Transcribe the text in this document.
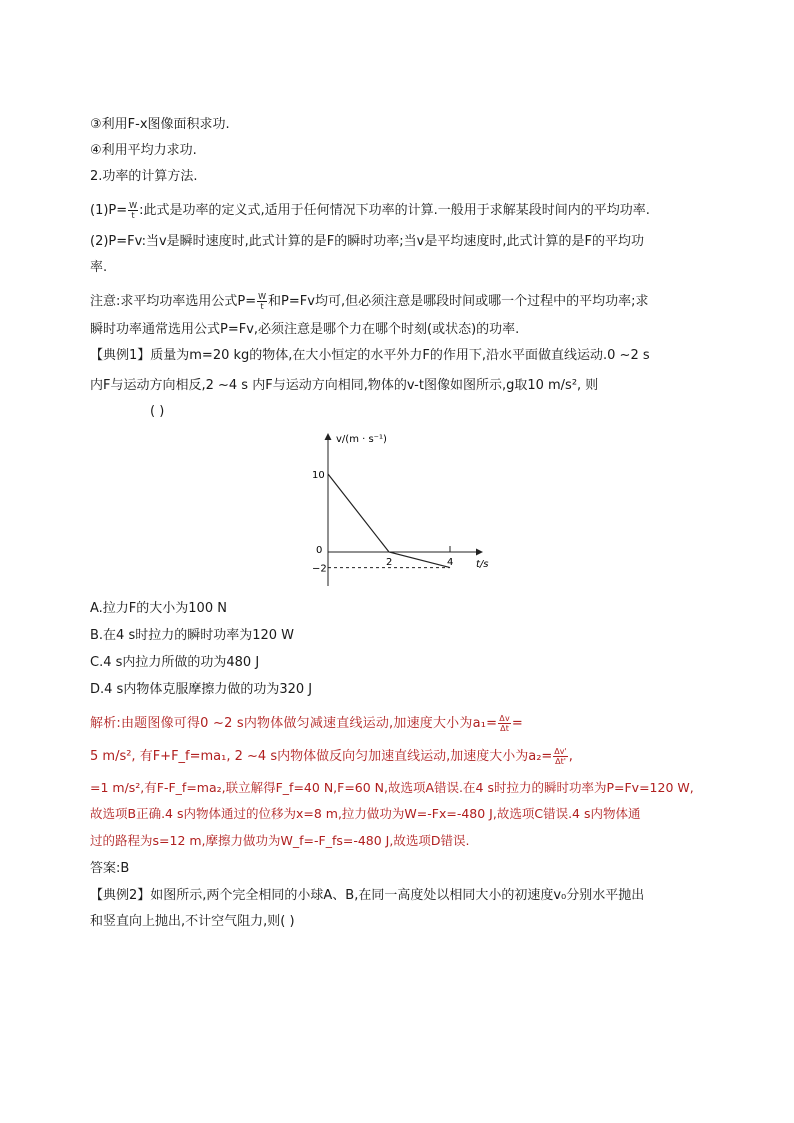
③利用F-x图像面积求功.
④利用平均力求功.
2.功率的计算方法.
$(1)P= \frac{W}{t}$ :此式是功率的定义式,适用于任何情况下功率的计算.一般用于求解某段时间内的平均功率.
(2)P=Fv:当v是瞬时速度时,此式计算的是F的瞬时功率;当v是平均速度时,此式计算的是F的平均功
率.
注意:求平均功率选用公式$P= \frac{W}{t}$ 和P=Fv均可,但必须注意是哪段时间或哪一个过程中的平均功率;求
瞬时功率通常选用公式P=Fv,必须注意是哪个力在哪个时刻(或状态)的功率.
【典例1】质量为m=20 kg的物体,在大小恒定的水平外力F的作用下,沿水平面做直线运动.0 ~2 s
内F与运动方向相反,2 ~4 s 内F与运动方向相同,物体的v-t图像如图所示,g取10 m/s², 则
( )
v/(m · s⁻¹)
t/s
10
0
−2
2	4
A.拉力F的大小为100 N
B.在4 s时拉力的瞬时功率为120 W
C.4 s内拉力所做的功为480 J
D.4 s内物体克服摩擦力做的功为320 J
解析:由题图像可得0 ~2 s内物体做匀减速直线运动,加速度大小为$a_1= \frac{\Delta v}{\Delta t}$ =
5 m/s², 有F+F_f=ma₁, 2 ~4 s内物体做反向匀加速直线运动,加速度大小为$a_2= \frac{\Delta v'}{\Delta t'}$ ,
=1 m/s²,有F-F_f=ma₂,联立解得F_f=40 N,F=60 N,故选项A错误.在4 s时拉力的瞬时功率为P=Fv=120 W,
故选项B正确.4 s内物体通过的位移为x=8 m,拉力做功为W=-Fx=-480 J,故选项C错误.4 s内物体通
过的路程为s=12 m,摩擦力做功为W_f=-F_fs=-480 J,故选项D错误.
答案:B
【典例2】如图所示,两个完全相同的小球A、B,在同一高度处以相同大小的初速度v₀分别水平抛出
和竖直向上抛出,不计空气阻力,则( )
